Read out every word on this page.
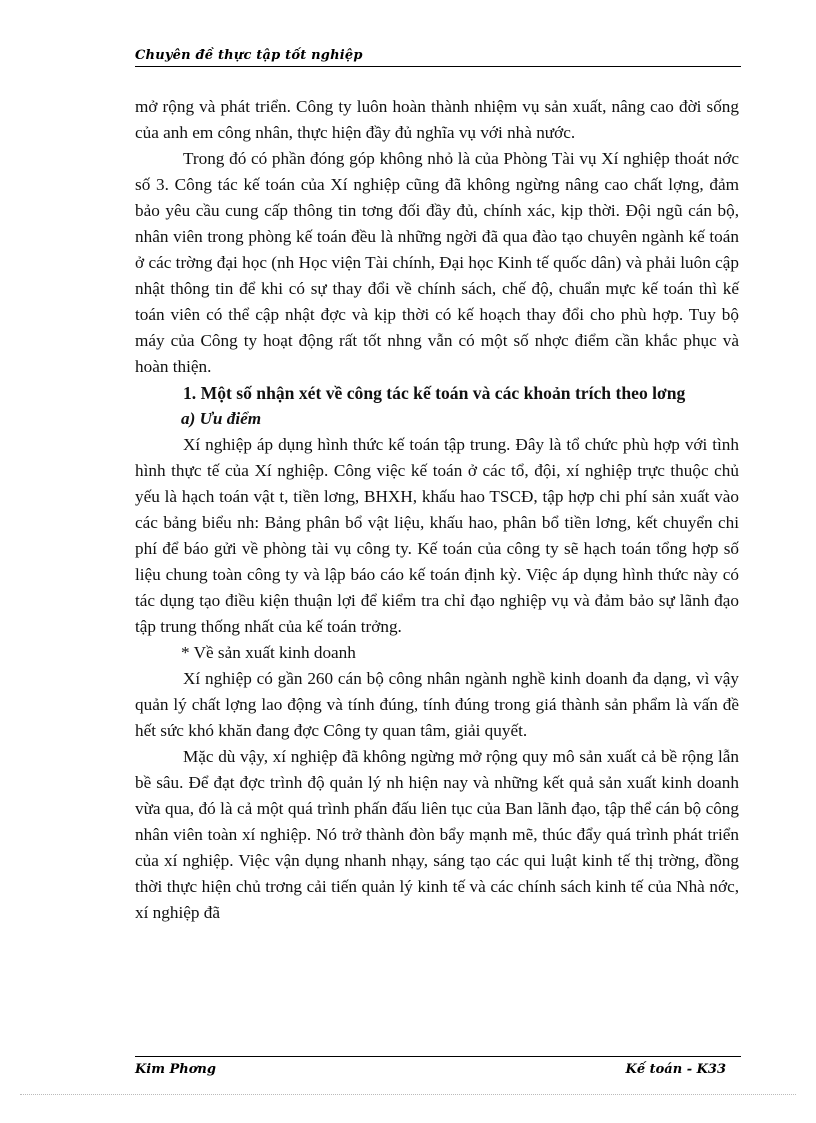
Chuyên đề thực tập tốt nghiệp

mở rộng và phát triển. Công ty luôn hoàn thành nhiệm vụ sản xuất, nâng cao đời sống của anh em công nhân, thực hiện đầy đủ nghĩa vụ với nhà nước.

Trong đó có phần đóng góp không nhỏ là của Phòng Tài vụ Xí nghiệp thoát nớc số 3. Công tác kế toán của Xí nghiệp cũng đã không ngừng nâng cao chất lợng, đảm bảo yêu cầu cung cấp thông tin tơng đối đầy đủ, chính xác, kịp thời. Đội ngũ cán bộ, nhân viên trong phòng kế toán đều là những ngời đã qua đào tạo chuyên ngành kế toán ở các trờng đại học (nh Học viện Tài chính, Đại học Kinh tế quốc dân) và phải luôn cập nhật thông tin để khi có sự thay đổi về chính sách, chế độ, chuẩn mực kế toán thì kế toán viên có thể cập nhật đợc và kịp thời có kế hoạch thay đổi cho phù hợp. Tuy bộ máy của Công ty hoạt động rất tốt nhng vẫn có một số nhợc điểm cần khắc phục và hoàn thiện.

1. Một số nhận xét về công tác kế toán và các khoản trích theo lơng

a) Ưu điểm

Xí nghiệp áp dụng hình thức kế toán tập trung. Đây là tổ chức phù hợp với tình hình thực tế của Xí nghiệp. Công việc kế toán ở các tổ, đội, xí nghiệp trực thuộc chủ yếu là hạch toán vật t, tiền lơng, BHXH, khấu hao TSCĐ, tập hợp chi phí sản xuất vào các bảng biểu nh: Bảng phân bổ vật liệu, khấu hao, phân bổ tiền lơng, kết chuyển chi phí để báo gửi về phòng tài vụ công ty. Kế toán của công ty sẽ hạch toán tổng hợp số liệu chung toàn công ty và lập báo cáo kế toán định kỳ. Việc áp dụng hình thức này có tác dụng tạo điều kiện thuận lợi để kiểm tra chỉ đạo nghiệp vụ và đảm bảo sự lãnh đạo tập trung thống nhất của kế toán trởng.

* Về sản xuất kinh doanh

Xí nghiệp có gần 260 cán bộ công nhân ngành nghề kinh doanh đa dạng, vì vậy quản lý chất lợng lao động và tính đúng, tính đúng trong giá thành sản phẩm là vấn đề hết sức khó khăn đang đợc Công ty quan tâm, giải quyết.

Mặc dù vậy, xí nghiệp đã không ngừng mở rộng quy mô sản xuất cả bề rộng lẫn bề sâu. Để đạt đợc trình độ quản lý nh hiện nay và những kết quả sản xuất kinh doanh vừa qua, đó là cả một quá trình phấn đấu liên tục của Ban lãnh đạo, tập thể cán bộ công nhân viên toàn xí nghiệp. Nó trở thành đòn bẩy mạnh mẽ, thúc đẩy quá trình phát triển của xí nghiệp. Việc vận dụng nhanh nhạy, sáng tạo các qui luật kinh tế thị trờng, đồng thời thực hiện chủ trơng cải tiến quản lý kinh tế và các chính sách kinh tế của Nhà nớc, xí nghiệp đã

Kim Phơng	Kế toán - K33
